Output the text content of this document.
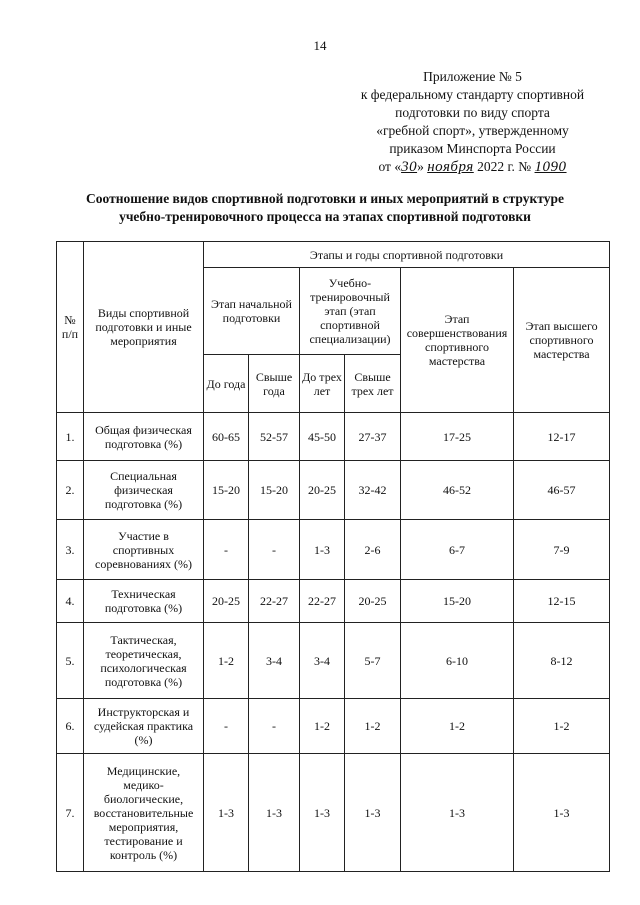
14
Приложение № 5
к федеральному стандарту спортивной
подготовки по виду спорта
«гребной спорт», утвержденному
приказом Минспорта России
от «30» ноября 2022 г. № 1090
Соотношение видов спортивной подготовки и иных мероприятий в структуре
учебно-тренировочного процесса на этапах спортивной подготовки
№ п/п	Виды спортивной подготовки и иные мероприятия	Этапы и годы спортивной подготовки					
		Этап начальной подготовки		Учебно-тренировочный этап (этап спортивной специализации)		Этап совершенствования спортивного мастерства	Этап высшего спортивного мастерства
		До года	Свыше года	До трех лет	Свыше трех лет		
1.	Общая физическая подготовка (%)	60-65	52-57	45-50	27-37	17-25	12-17
2.	Специальная физическая подготовка (%)	15-20	15-20	20-25	32-42	46-52	46-57
3.	Участие в спортивных соревнованиях (%)	-	-	1-3	2-6	6-7	7-9
4.	Техническая подготовка (%)	20-25	22-27	22-27	20-25	15-20	12-15
5.	Тактическая, теоретическая, психологическая подготовка (%)	1-2	3-4	3-4	5-7	6-10	8-12
6.	Инструкторская и судейская практика (%)	-	-	1-2	1-2	1-2	1-2
7.	Медицинские, медико-биологические, восстановительные мероприятия, тестирование и контроль (%)	1-3	1-3	1-3	1-3	1-3	1-3
